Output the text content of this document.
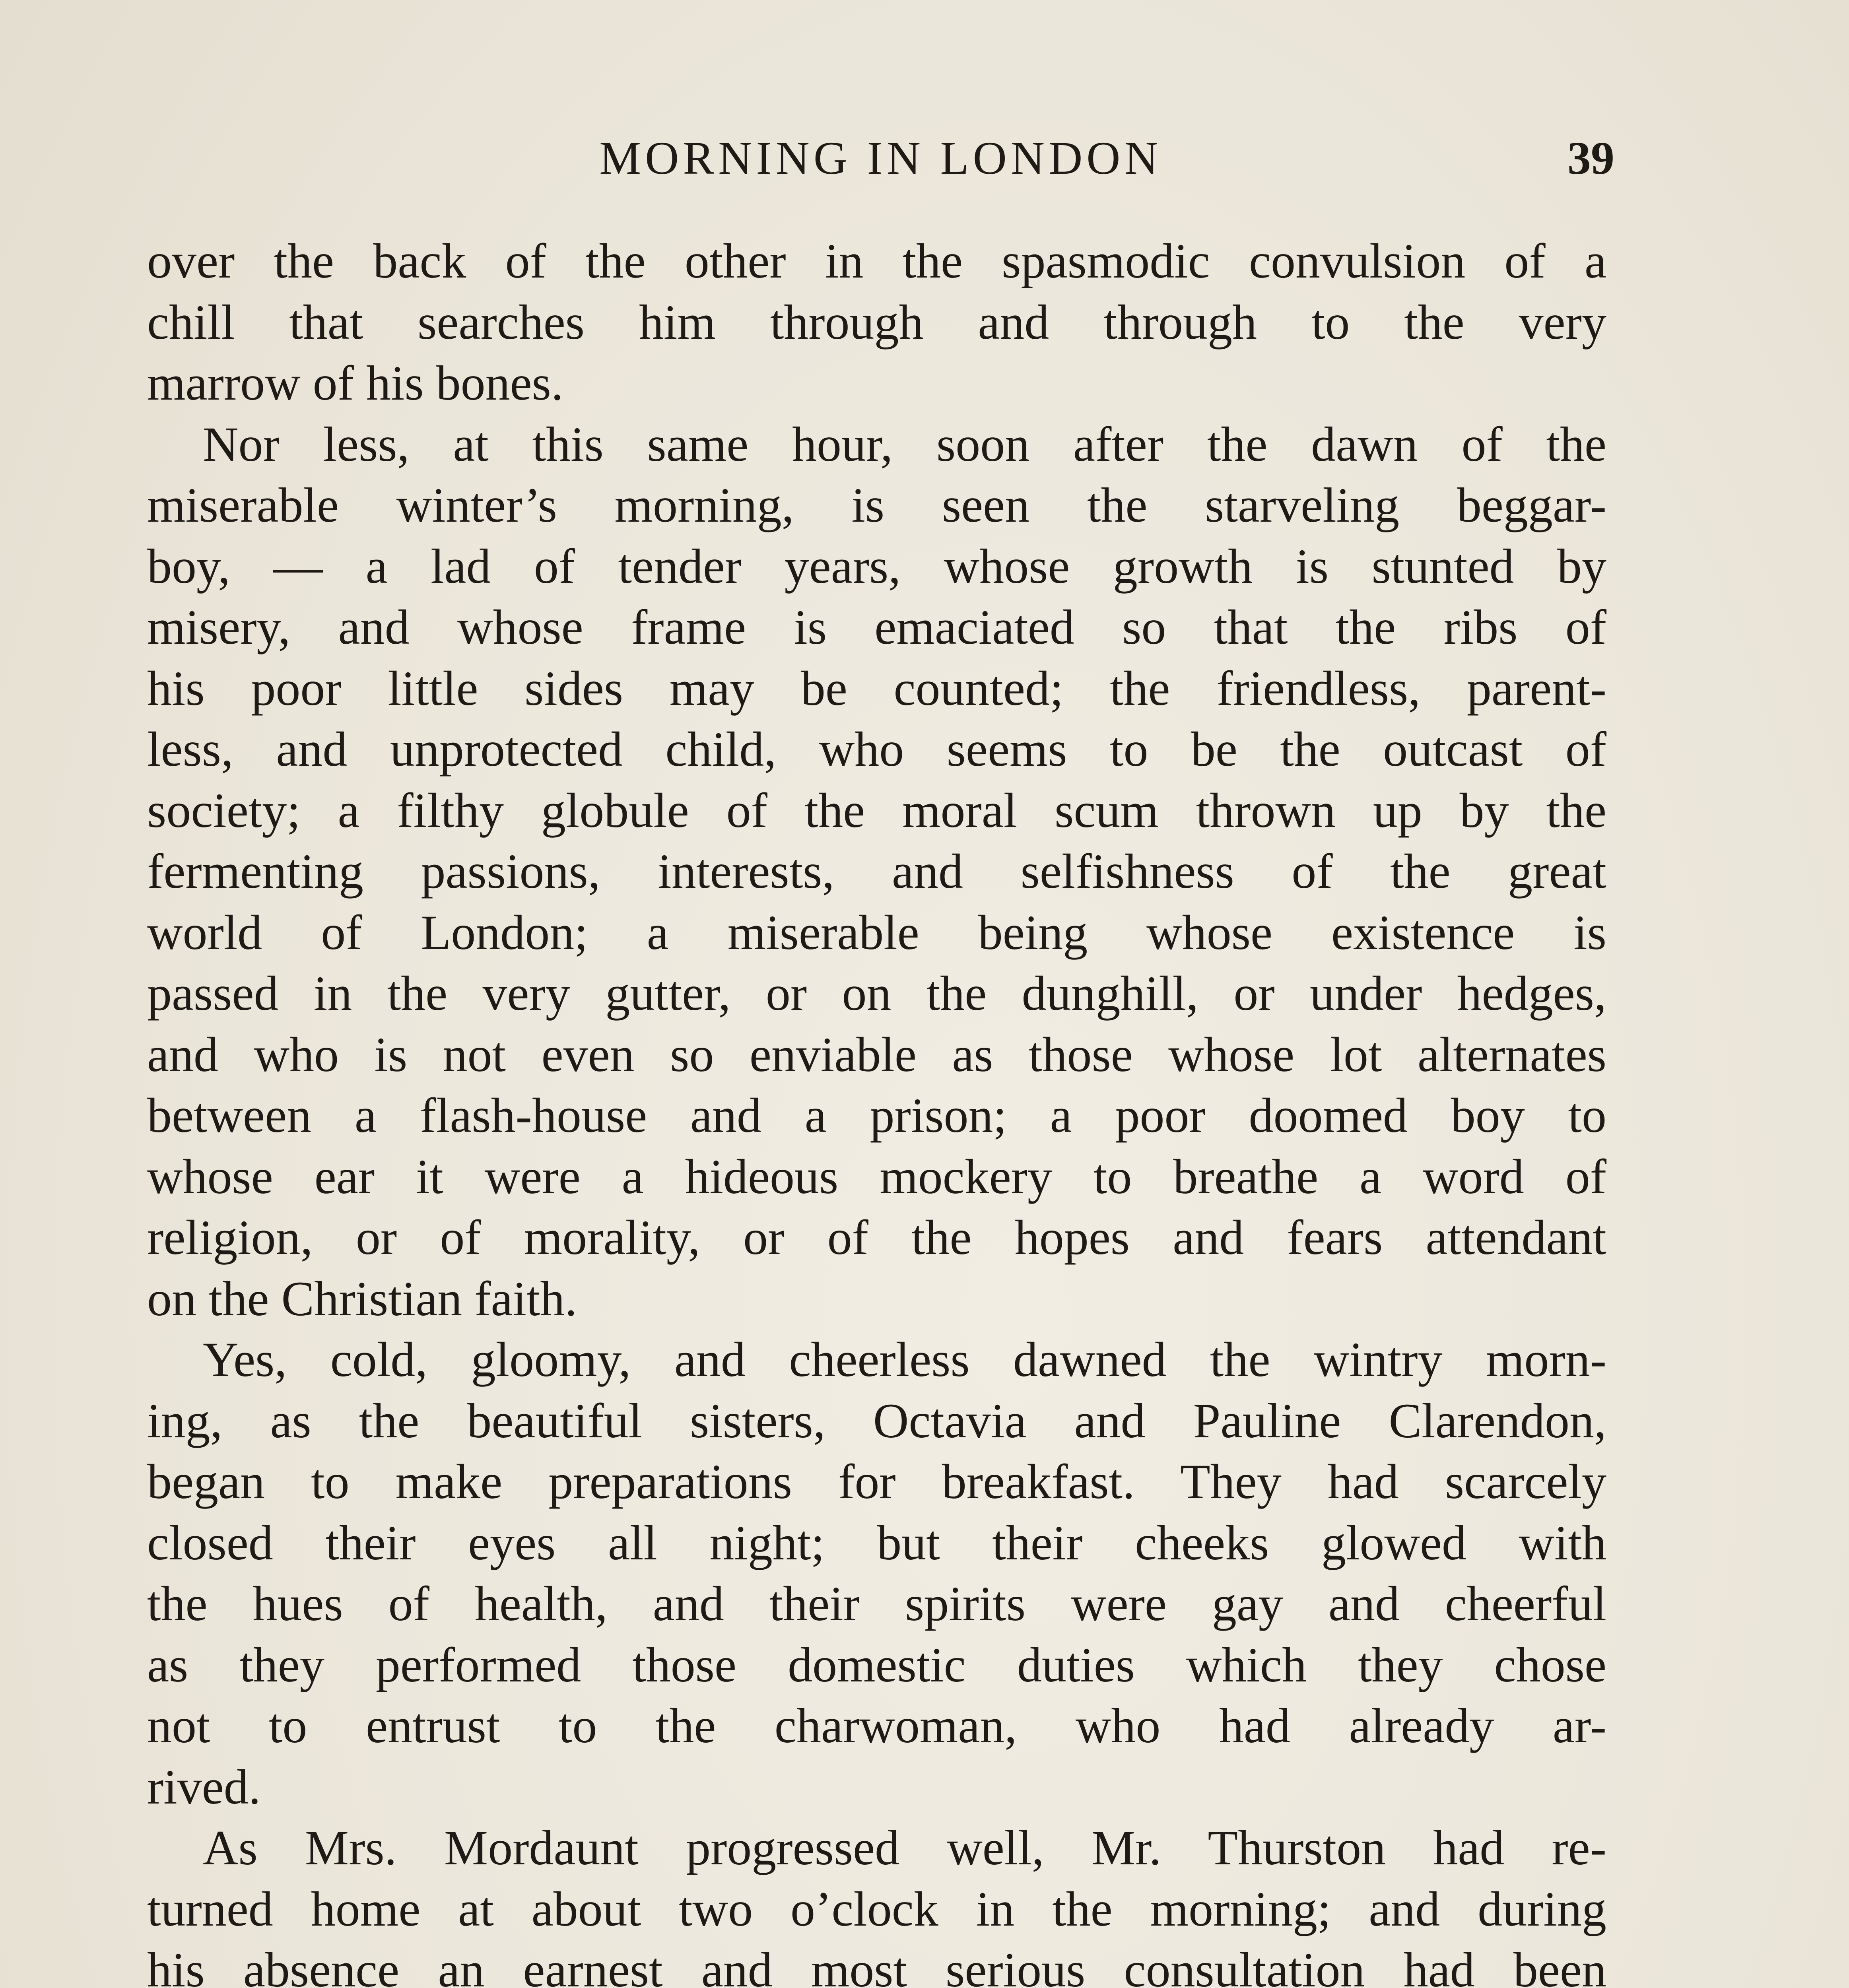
MORNING IN LONDON	39
over the back of the other in the spasmodic convulsion of a
chill that searches him through and through to the very
marrow of his bones.
Nor less, at this same hour, soon after the dawn of the
miserable winter’s morning, is seen the starveling beggar-
boy, — a lad of tender years, whose growth is stunted by
misery, and whose frame is emaciated so that the ribs of
his poor little sides may be counted; the friendless, parent-
less, and unprotected child, who seems to be the outcast of
society; a filthy globule of the moral scum thrown up by the
fermenting passions, interests, and selfishness of the great
world of London; a miserable being whose existence is
passed in the very gutter, or on the dunghill, or under hedges,
and who is not even so enviable as those whose lot alternates
between a flash-house and a prison; a poor doomed boy to
whose ear it were a hideous mockery to breathe a word of
religion, or of morality, or of the hopes and fears attendant
on the Christian faith.
Yes, cold, gloomy, and cheerless dawned the wintry morn-
ing, as the beautiful sisters, Octavia and Pauline Clarendon,
began to make preparations for breakfast. They had scarcely
closed their eyes all night; but their cheeks glowed with
the hues of health, and their spirits were gay and cheerful
as they performed those domestic duties which they chose
not to entrust to the charwoman, who had already ar-
rived.
As Mrs. Mordaunt progressed well, Mr. Thurston had re-
turned home at about two o’clock in the morning; and during
his absence an earnest and most serious consultation had been
